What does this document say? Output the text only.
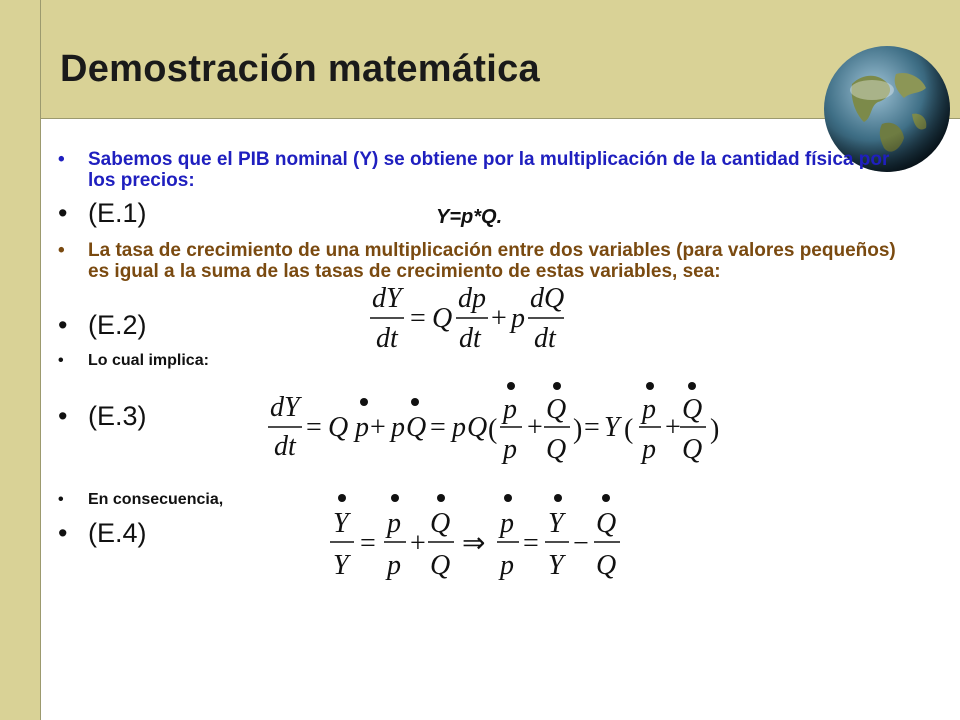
Demostración matemática
• Sabemos que el PIB nominal (Y) se obtiene por la multiplicación de la cantidad física por los precios:
• (E.1)	Y=p*Q.
• La tasa de crecimiento de una multiplicación entre dos variables (para valores pequeños) es igual a la suma de las tasas de crecimiento de estas variables, sea:
• (E.2)
• Lo cual implica:
• (E.3)
• En consecuencia,
• (E.4)
dY
dt
= Q
dp
dt
+ p
dQ
dt
dY
dt
= Q p + p Q = p Q (
p
p
+
Q
Q
) = Y (
p
p
+
Q
Q
)
Y
Y
=
p
p
+
Q
Q
⇒
p
p
=
Y
Y
−
Q
Q
